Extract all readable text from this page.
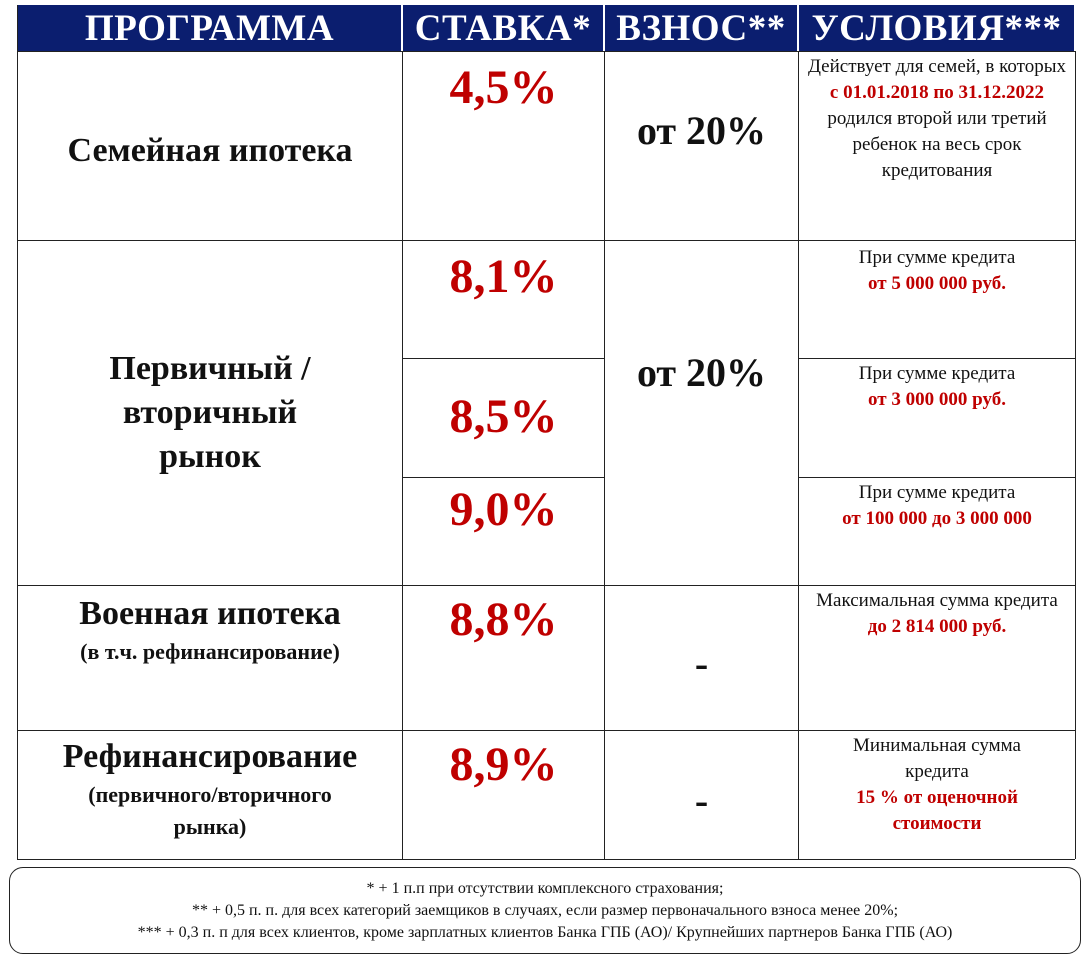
ПРОГРАММА	СТАВКА* ВЗНОС** УСЛОВИЯ***
Семейная ипотека
4,5%
от 20%
Действует для семей, в которых с 01.01.2018 по 31.12.2022 родился второй или третий ребенок на весь срок кредитования
Первичный /
вторичный
рынок
8,1%
от 20%
При сумме кредита
от 5 000 000 руб.
8,5%
При сумме кредита
от 3 000 000 руб.
9,0%	При сумме кредита
от 100 000 до 3 000 000
Военная ипотека
(в т.ч. рефинансирование)
8,8%
-
Максимальная сумма кредита до 2 814 000 руб.
Рефинансирование
(первичного/вторичного
рынка)
8,9%
-
Минимальная сумма кредита
15 % от оценочной стоимости
* + 1 п.п при отсутствии комплексного страхования;
** + 0,5 п. п. для всех категорий заемщиков в случаях, если размер первоначального взноса менее 20%;
*** + 0,3 п. п для всех клиентов, кроме зарплатных клиентов Банка ГПБ (АО)/ Крупнейших партнеров Банка ГПБ (АО)
